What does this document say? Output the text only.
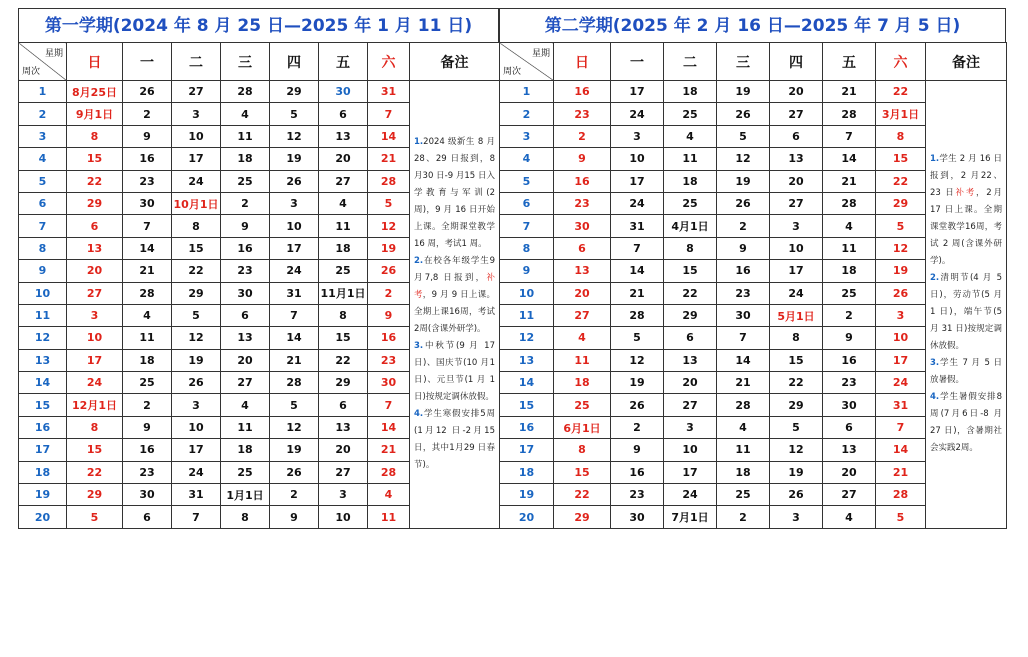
第一学期(2024 年 8 月 25 日—2025 年 1 月 11 日)
星期
周次	日	一	二	三	四	五	六	备注
1	8月25日	26	27	28	29	30	31	1.2024 级新生 8 月28、29 日报到，8 月30 日-9 月15 日入学教育与军训(2 周)，9 月 16 日开始上课。全期课堂教学 16 周，考试1 周。

2.在校各年级学生9月7,8 日报到，补考，9 月 9 日上课。全期上课16周，考试2周(含课外研学)。

3.中秋节(9 月 17 日)、国庆节(10 月1 日)、元旦节(1 月 1 日)按规定调休放假。

4.学生寒假安排5周(1月12 日-2月15 日，其中1月29 日春节)。

2	9月1日	2	3	4	5	6	7	
3	8	9	10	11	12	13	14	
4	15	16	17	18	19	20	21	
5	22	23	24	25	26	27	28	
6	29	30	10月1日	2	3	4	5	
7	6	7	8	9	10	11	12	
8	13	14	15	16	17	18	19	
9	20	21	22	23	24	25	26	
10	27	28	29	30	31	11月1日	2	
11	3	4	5	6	7	8	9	
12	10	11	12	13	14	15	16	
13	17	18	19	20	21	22	23	
14	24	25	26	27	28	29	30	
15	12月1日	2	3	4	5	6	7	
16	8	9	10	11	12	13	14	
17	15	16	17	18	19	20	21	
18	22	23	24	25	26	27	28	
19	29	30	31	1月1日	2	3	4	
20	5	6	7	8	9	10	11	
第二学期(2025 年 2 月 16 日—2025 年 7 月 5 日)
星期
周次	日	一	二	三	四	五	六	备注
1	16	17	18	19	20	21	22	1.学生 2 月 16 日报到，2 月22、23 日补考，2月17 日上课。全期课堂教学16周，考试 2 周(含课外研学)。

2.清明节(4 月 5 日)，劳动节(5 月 1 日)，端午节(5 月 31 日)按规定调休放假。

3.学生 7 月 5 日放暑假。

4.学生暑假安排8周(7月6日-8 月 27 日)，含暑期社会实践2周。

2	23	24	25	26	27	28	3月1日	
3	2	3	4	5	6	7	8	
4	9	10	11	12	13	14	15	
5	16	17	18	19	20	21	22	
6	23	24	25	26	27	28	29	
7	30	31	4月1日	2	3	4	5	
8	6	7	8	9	10	11	12	
9	13	14	15	16	17	18	19	
10	20	21	22	23	24	25	26	
11	27	28	29	30	5月1日	2	3	
12	4	5	6	7	8	9	10	
13	11	12	13	14	15	16	17	
14	18	19	20	21	22	23	24	
15	25	26	27	28	29	30	31	
16	6月1日	2	3	4	5	6	7	
17	8	9	10	11	12	13	14	
18	15	16	17	18	19	20	21	
19	22	23	24	25	26	27	28	
20	29	30	7月1日	2	3	4	5	
